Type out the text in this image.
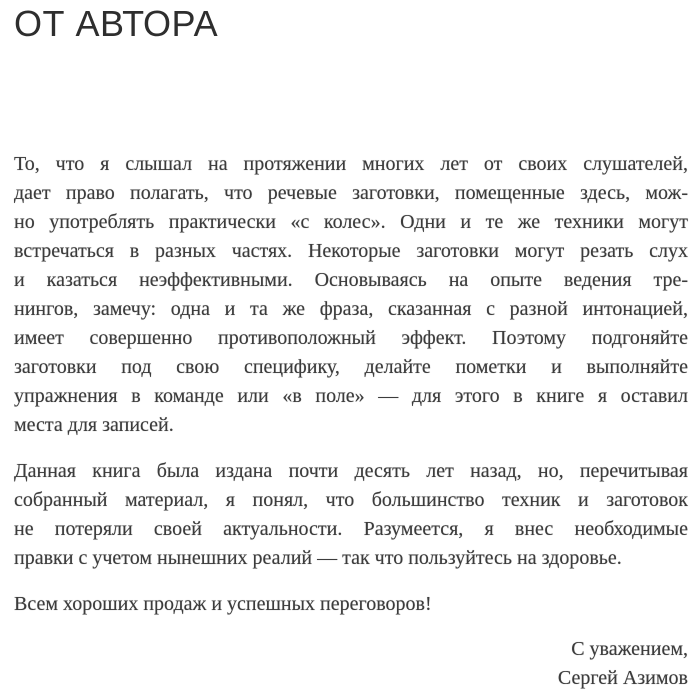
ОТ АВТОРА
То, что я слышал на протяжении многих лет от своих слушателей,
дает право полагать, что речевые заготовки, помещенные здесь, мож-
но употреблять практически «с колес». Одни и те же техники могут
встречаться в разных частях. Некоторые заготовки могут резать слух
и казаться неэффективными. Основываясь на опыте ведения тре-
нингов, замечу: одна и та же фраза, сказанная с разной интонацией,
имеет совершенно противоположный эффект. Поэтому подгоняйте
заготовки под свою специфику, делайте пометки и выполняйте
упражнения в команде или «в поле» — для этого в книге я оставил
места для записей.
Данная книга была издана почти десять лет назад, но, перечитывая
собранный материал, я понял, что большинство техник и заготовок
не потеряли своей актуальности. Разумеется, я внес необходимые
правки с учетом нынешних реалий — так что пользуйтесь на здоровье.
Всем хороших продаж и успешных переговоров!
С уважением,
Сергей Азимов
